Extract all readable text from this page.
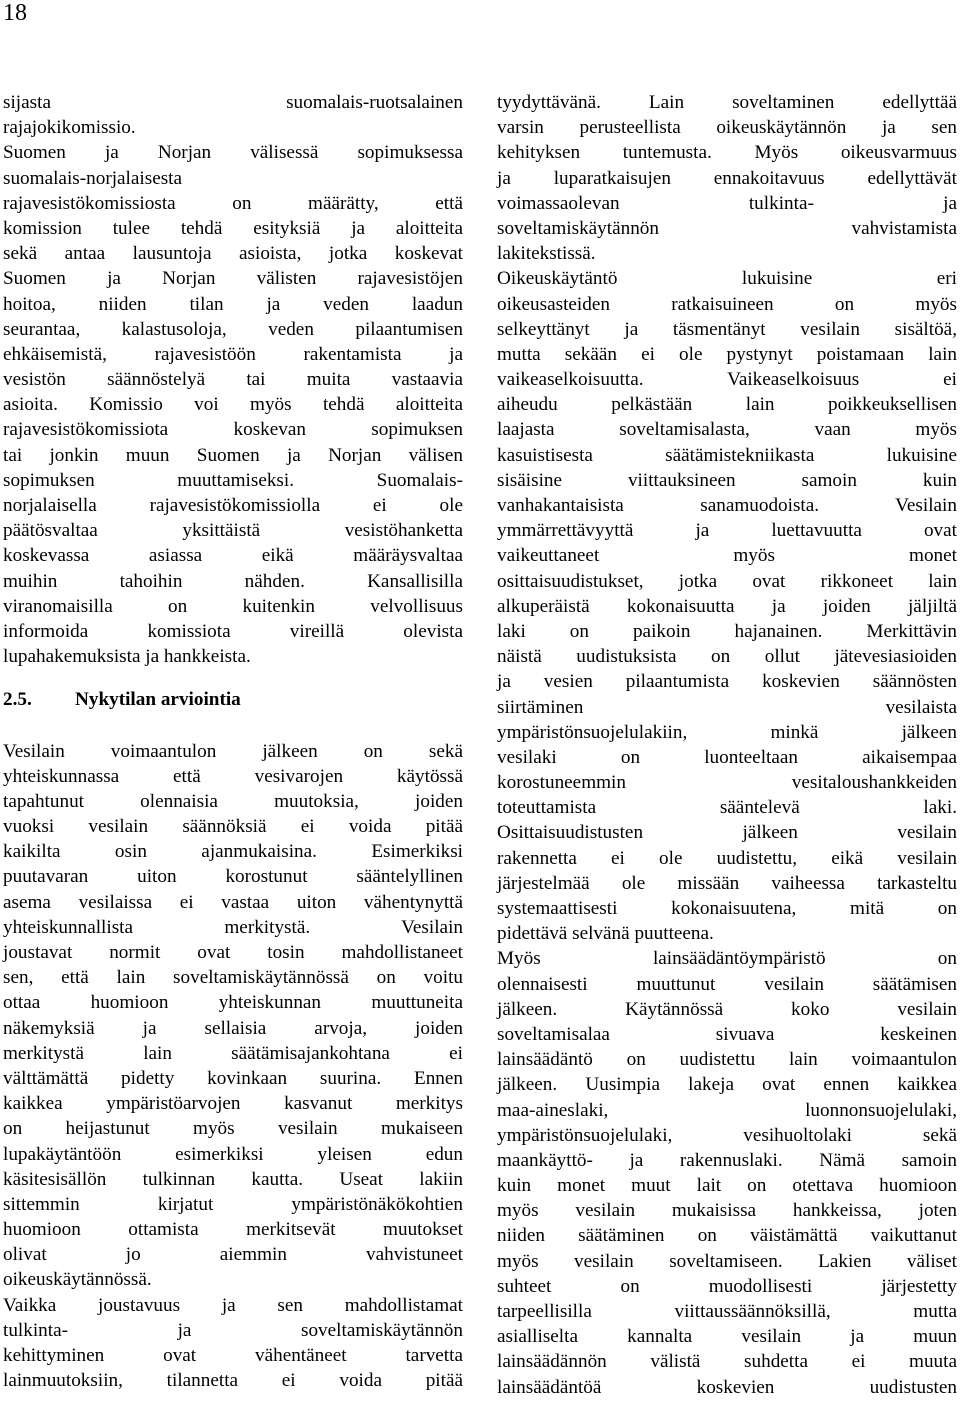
18
sijasta suomalais-ruotsalainen
rajajokikomissio.
Suomen ja Norjan välisessä sopimuksessa
suomalais-norjalaisesta
rajavesistökomissiosta on määrätty, että
komission tulee tehdä esityksiä ja aloitteita
sekä antaa lausuntoja asioista, jotka koskevat
Suomen ja Norjan välisten rajavesistöjen
hoitoa, niiden tilan ja veden laadun
seurantaa, kalastusoloja, veden pilaantumisen
ehkäisemistä, rajavesistöön rakentamista ja
vesistön säännöstelyä tai muita vastaavia
asioita. Komissio voi myös tehdä aloitteita
rajavesistökomissiota koskevan sopimuksen
tai jonkin muun Suomen ja Norjan välisen
sopimuksen muuttamiseksi. Suomalais-
norjalaisella rajavesistökomissiolla ei ole
päätösvaltaa yksittäistä vesistöhanketta
koskevassa asiassa eikä määräysvaltaa
muihin tahoihin nähden. Kansallisilla
viranomaisilla on kuitenkin velvollisuus
informoida komissiota vireillä olevista
lupahakemuksista ja hankkeista.
2.5. Nykytilan arviointia
Vesilain voimaantulon jälkeen on sekä
yhteiskunnassa että vesivarojen käytössä
tapahtunut olennaisia muutoksia, joiden
vuoksi vesilain säännöksiä ei voida pitää
kaikilta osin ajanmukaisina. Esimerkiksi
puutavaran uiton korostunut sääntelyllinen
asema vesilaissa ei vastaa uiton vähentynyttä
yhteiskunnallista merkitystä. Vesilain
joustavat normit ovat tosin mahdollistaneet
sen, että lain soveltamiskäytännössä on voitu
ottaa huomioon yhteiskunnan muuttuneita
näkemyksiä ja sellaisia arvoja, joiden
merkitystä lain säätämisajankohtana ei
välttämättä pidetty kovinkaan suurina. Ennen
kaikkea ympäristöarvojen kasvanut merkitys
on heijastunut myös vesilain mukaiseen
lupakäytäntöön esimerkiksi yleisen edun
käsitesisällön tulkinnan kautta. Useat lakiin
sittemmin kirjatut ympäristönäkökohtien
huomioon ottamista merkitsevät muutokset
olivat jo aiemmin vahvistuneet
oikeuskäytännössä.
Vaikka joustavuus ja sen mahdollistamat
tulkinta- ja soveltamiskäytännön
kehittyminen ovat vähentäneet tarvetta
lainmuutoksiin, tilannetta ei voida pitää
tyydyttävänä. Lain soveltaminen edellyttää
varsin perusteellista oikeuskäytännön ja sen
kehityksen tuntemusta. Myös oikeusvarmuus
ja luparatkaisujen ennakoitavuus edellyttävät
voimassaolevan tulkinta- ja
soveltamiskäytännön vahvistamista
lakitekstissä.
Oikeuskäytäntö lukuisine eri
oikeusasteiden ratkaisuineen on myös
selkeyttänyt ja täsmentänyt vesilain sisältöä,
mutta sekään ei ole pystynyt poistamaan lain
vaikeaselkoisuutta. Vaikeaselkoisuus ei
aiheudu pelkästään lain poikkeuksellisen
laajasta soveltamisalasta, vaan myös
kasuistisesta säätämistekniikasta lukuisine
sisäisine viittauksineen samoin kuin
vanhakantaisista sanamuodoista. Vesilain
ymmärrettävyyttä ja luettavuutta ovat
vaikeuttaneet myös monet
osittaisuudistukset, jotka ovat rikkoneet lain
alkuperäistä kokonaisuutta ja joiden jäljiltä
laki on paikoin hajanainen. Merkittävin
näistä uudistuksista on ollut jätevesiasioiden
ja vesien pilaantumista koskevien säännösten
siirtäminen vesilaista
ympäristönsuojelulakiin, minkä jälkeen
vesilaki on luonteeltaan aikaisempaa
korostuneemmin vesitaloushankkeiden
toteuttamista sääntelevä laki.
Osittaisuudistusten jälkeen vesilain
rakennetta ei ole uudistettu, eikä vesilain
järjestelmää ole missään vaiheessa tarkasteltu
systemaattisesti kokonaisuutena, mitä on
pidettävä selvänä puutteena.
Myös lainsäädäntöympäristö on
olennaisesti muuttunut vesilain säätämisen
jälkeen. Käytännössä koko vesilain
soveltamisalaa sivuava keskeinen
lainsäädäntö on uudistettu lain voimaantulon
jälkeen. Uusimpia lakeja ovat ennen kaikkea
maa-aineslaki, luonnonsuojelulaki,
ympäristönsuojelulaki, vesihuoltolaki sekä
maankäyttö- ja rakennuslaki. Nämä samoin
kuin monet muut lait on otettava huomioon
myös vesilain mukaisissa hankkeissa, joten
niiden säätäminen on väistämättä vaikuttanut
myös vesilain soveltamiseen. Lakien väliset
suhteet on muodollisesti järjestetty
tarpeellisilla viittaussäännöksillä, mutta
asialliselta kannalta vesilain ja muun
lainsäädännön välistä suhdetta ei muuta
lainsäädäntöä koskevien uudistusten
